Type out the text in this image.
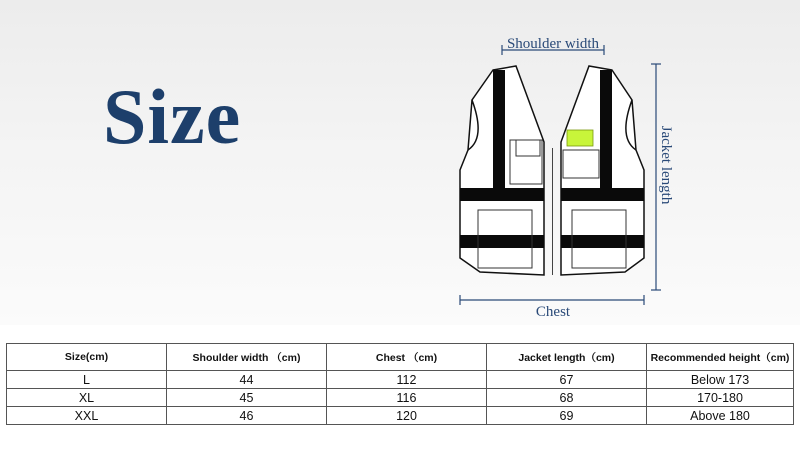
Size
Shoulder width
Jacket length
Chest
Size(cm)	Shoulder width （cm)	Chest （cm)	Jacket length（cm)	Recommended height（cm)
L	44	112	67	Below 173
XL	45	116	68	170-180
XXL	46	120	69	Above 180
